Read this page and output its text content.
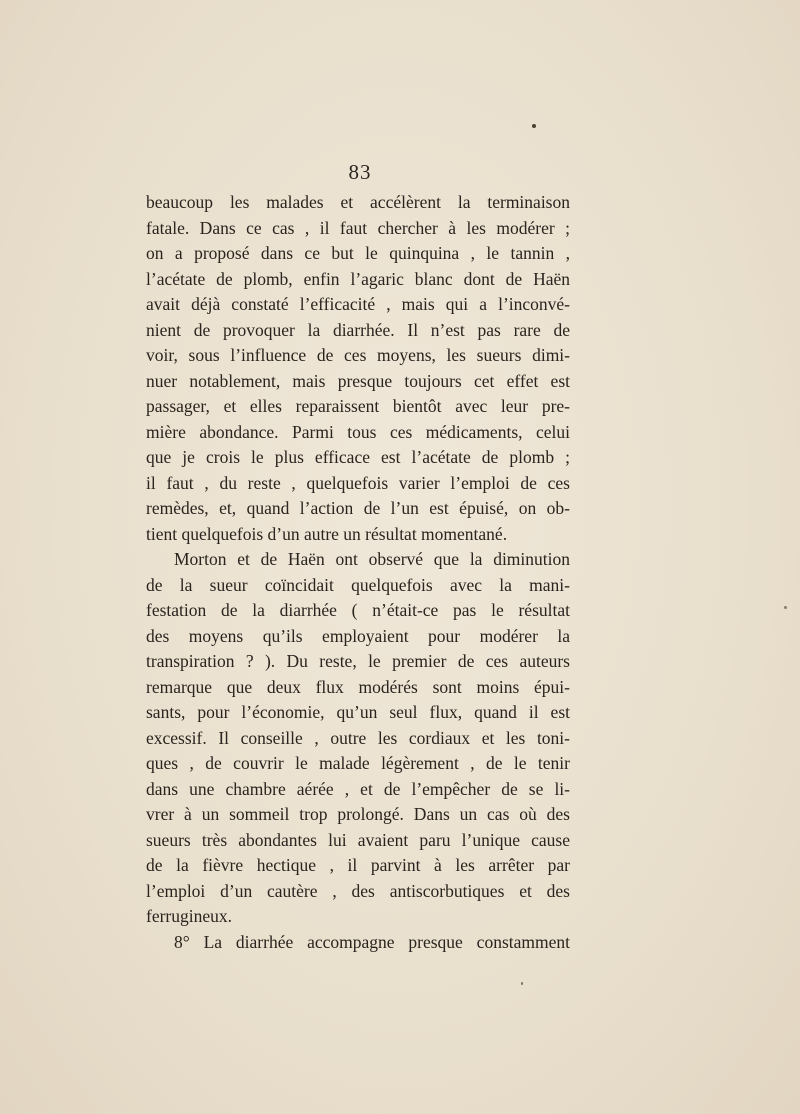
83
beaucoup les malades et accélèrent la terminaison
fatale. Dans ce cas , il faut chercher à les modérer ;
on a proposé dans ce but le quinquina , le tannin ,
l’acétate de plomb, enfin l’agaric blanc dont de Haën
avait déjà constaté l’efficacité , mais qui a l’inconvé-
nient de provoquer la diarrhée. Il n’est pas rare de
voir, sous l’influence de ces moyens, les sueurs dimi-
nuer notablement, mais presque toujours cet effet est
passager, et elles reparaissent bientôt avec leur pre-
mière abondance. Parmi tous ces médicaments, celui
que je crois le plus efficace est l’acétate de plomb ;
il faut , du reste , quelquefois varier l’emploi de ces
remèdes, et, quand l’action de l’un est épuisé, on ob-
tient quelquefois d’un autre un résultat momentané.
Morton et de Haën ont observé que la diminution
de la sueur coïncidait quelquefois avec la mani-
festation de la diarrhée ( n’était-ce pas le résultat
des moyens qu’ils employaient pour modérer la
transpiration ? ). Du reste, le premier de ces auteurs
remarque que deux flux modérés sont moins épui-
sants, pour l’économie, qu’un seul flux, quand il est
excessif. Il conseille , outre les cordiaux et les toni-
ques , de couvrir le malade légèrement , de le tenir
dans une chambre aérée , et de l’empêcher de se li-
vrer à un sommeil trop prolongé. Dans un cas où des
sueurs très abondantes lui avaient paru l’unique cause
de la fièvre hectique , il parvint à les arrêter par
l’emploi d’un cautère , des antiscorbutiques et des
ferrugineux.
8° La diarrhée accompagne presque constamment
